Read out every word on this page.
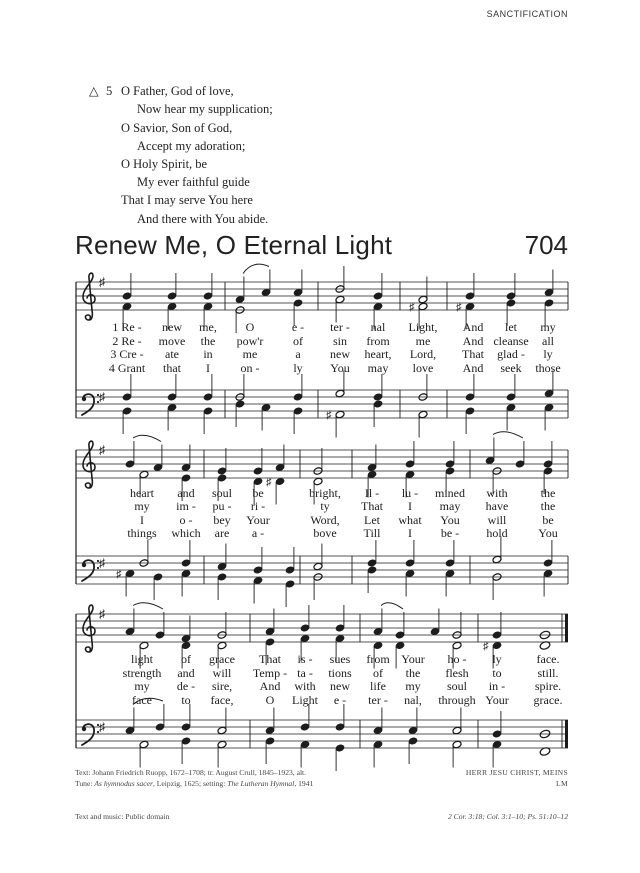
SANCTIFICATION
△ 5 O Father, God of love,
Now hear my supplication;
O Savior, Son of God,
Accept my adoration;
O Holy Spirit, be
My ever faithful guide
That I may serve You here
And there with You abide.
Renew Me, O Eternal Light	704
♯
♯
♯	♯
♯
1 Re - new me, O	e - ter - nal Light, And let my
2 Re - move the pow'r of sin from me	And cleanse all
3 Cre - ate in me	a new heart, Lord, That glad - ly
4 Grant that I	on -	ly You may love And seek those
♯
♯
♯
♯
heart and soul be	bright, Il - lu - mined with	the
my im - pu - ri -	ty	That I may have	the
I	o - bey Your	Word, Let what You will	be
things which are a -	bove Till I be - hold	You
♯
♯
♯
light of grace That is - sues from Your ho - ly	face.
strength and will Temp - ta - tions of the flesh to	still.
my de - sire, And with new life my soul in - spire.
face to face,	O Light e - ter - nal, through Your grace.
Text: Johann Friedrich Ruopp, 1672–1708; tr. August Crull, 1845–1923, alt.
Tune: As hymnodus sacer, Leipzig, 1625; setting: The Lutheran Hymnal, 1941
HERR JESU CHRIST, MEINS
LM
Text and music: Public domain	2 Cor. 3:18; Col. 3:1–10; Ps. 51:10–12
